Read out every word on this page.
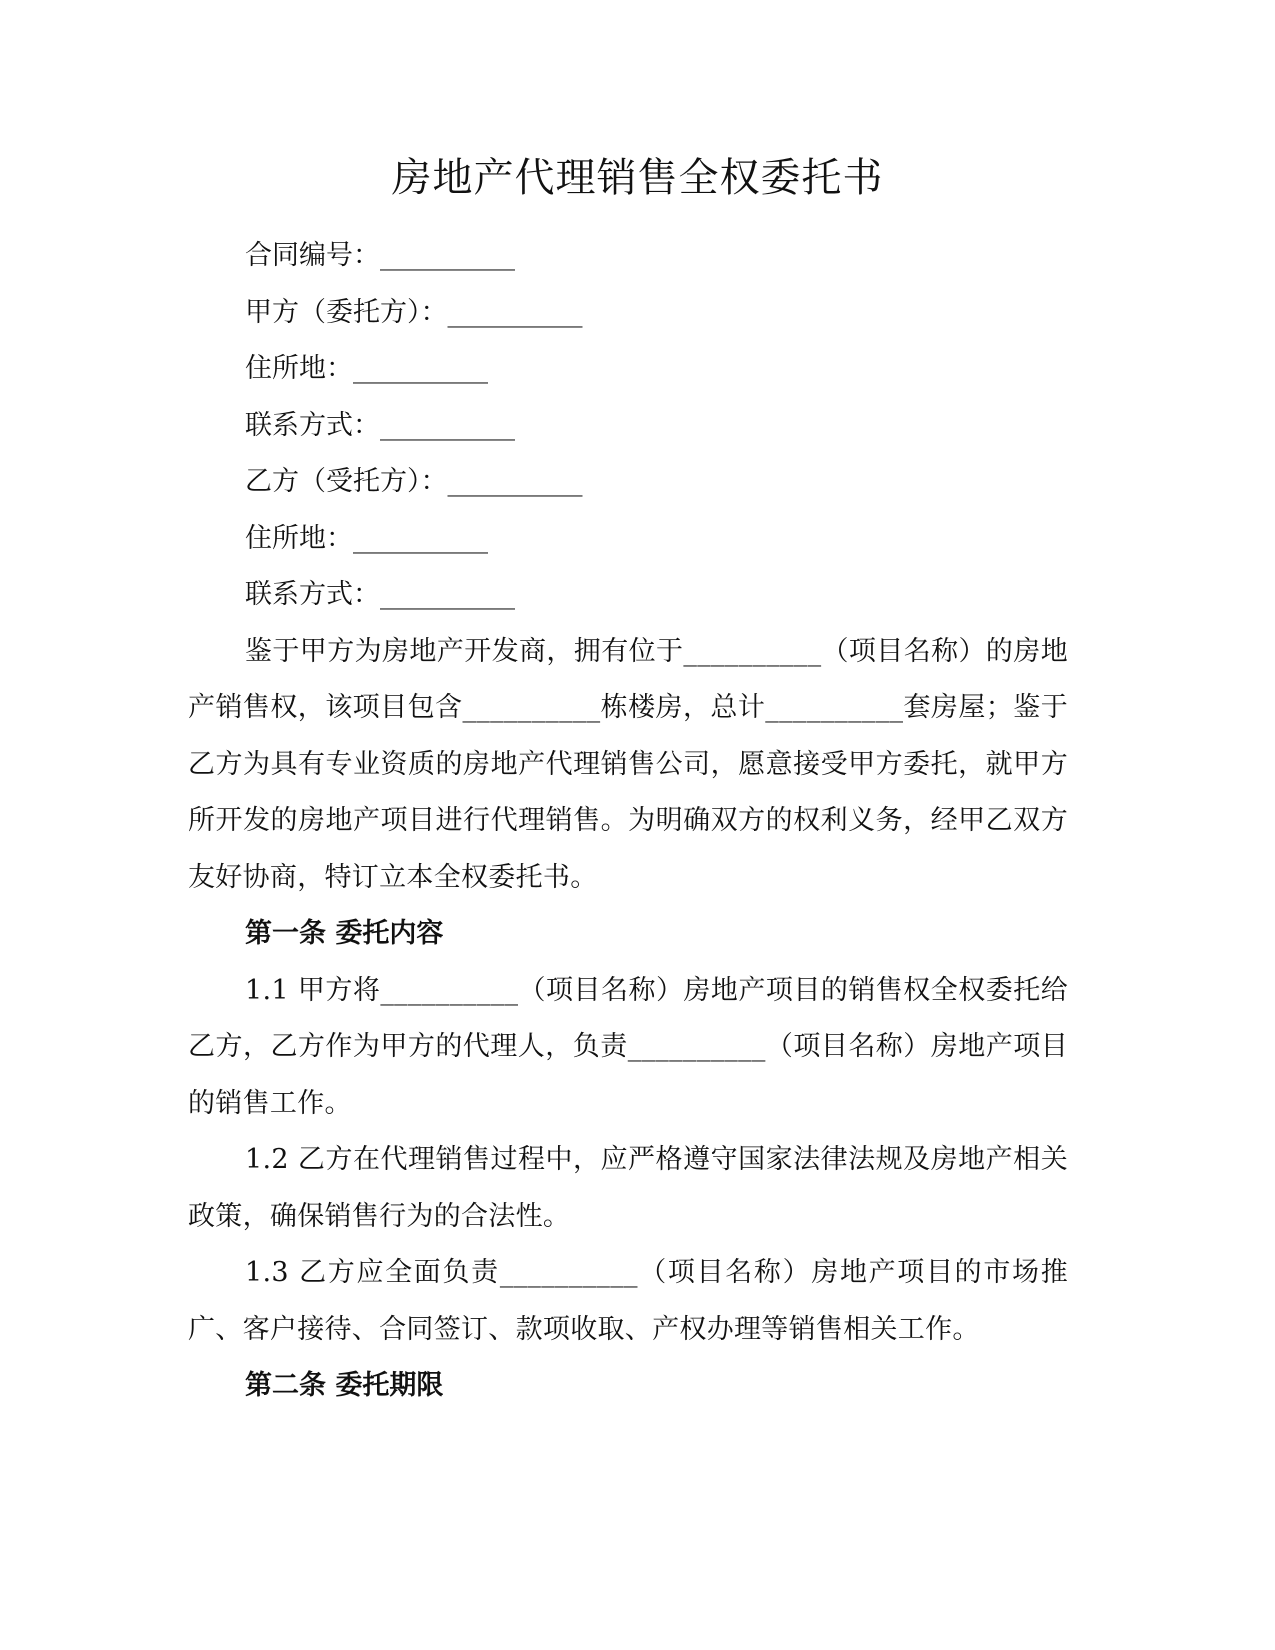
房地产代理销售全权委托书
合同编号：__________
甲方（委托方）：__________
住所地：__________
联系方式：__________
乙方（受托方）：__________
住所地：__________
联系方式：__________

鉴于甲方为房地产开发商，拥有位于__________（项目名称）的房地产销售权，该项目包含__________栋楼房，总计__________套房屋；鉴于乙方为具有专业资质的房地产代理销售公司，愿意接受甲方委托，就甲方所开发的房地产项目进行代理销售。为明确双方的权利义务，经甲乙双方友好协商，特订立本全权委托书。

第一条 委托内容

1.1 甲方将__________（项目名称）房地产项目的销售权全权委托给乙方，乙方作为甲方的代理人，负责__________（项目名称）房地产项目的销售工作。

1.2 乙方在代理销售过程中，应严格遵守国家法律法规及房地产相关政策，确保销售行为的合法性。

1.3 乙方应全面负责__________（项目名称）房地产项目的市场推广、客户接待、合同签订、款项收取、产权办理等销售相关工作。

第二条 委托期限
